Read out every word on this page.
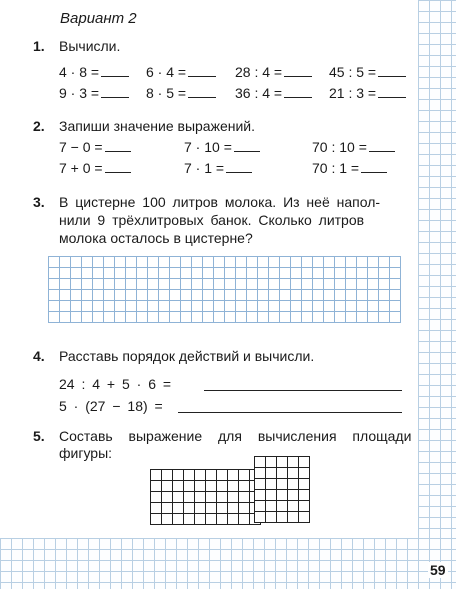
Вариант 2
1. Вычисли.
4 · 8 =	6 · 4 =	28 : 4 =	45 : 5 =
9 · 3 =	8 · 5 =	36 : 4 =	21 : 3 =
2. Запиши значение выражений.
7 − 0 =	7 · 10 =	70 : 10 =
7 + 0 =	7 · 1 =	70 : 1 =
3. В цистерне 100 литров молока. Из неё напол-
нили 9 трёхлитровых банок. Сколько литров
молока осталось в цистерне?
4. Расставь порядок действий и вычисли.
24 : 4 + 5 · 6 =
5 · (27 − 18) =
5. Составь выражение для вычисления площади
фигуры:
59
